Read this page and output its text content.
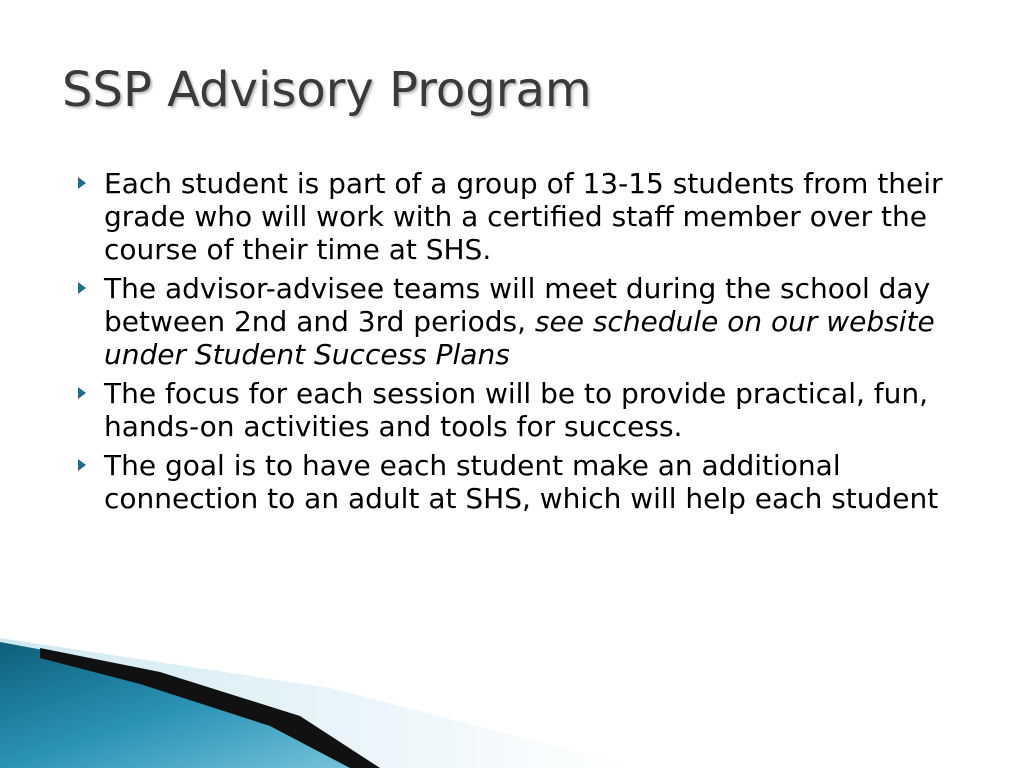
SSP Advisory Program
Each student is part of a group of 13-15 students from their grade who will work with a certified staff member over the course of their time at SHS.
The advisor-advisee teams will meet during the school day between 2nd and 3rd periods, see schedule on our website under Student Success Plans
The focus for each session will be to provide practical, fun, hands-on activities and tools for success.
The goal is to have each student make an additional connection to an adult at SHS, which will help each student
